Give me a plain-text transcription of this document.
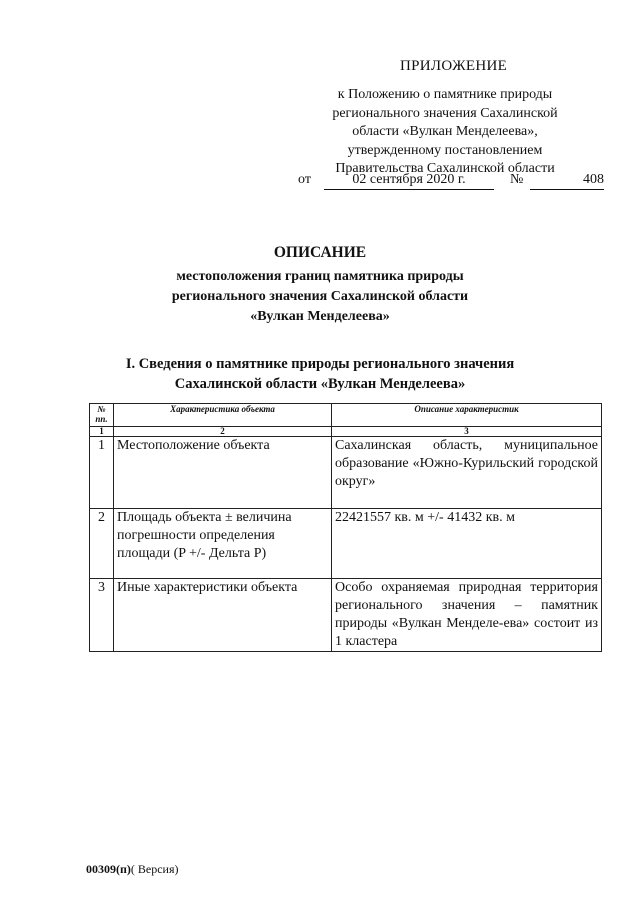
ПРИЛОЖЕНИЕ
к Положению о памятнике природы
регионального значения Сахалинской
области «Вулкан Менделеева»,
утвержденному постановлением
Правительства Сахалинской области
от	02 сентября 2020 г.	№	408
ОПИСАНИЕ
местоположения границ памятника природы
регионального значения Сахалинской области
«Вулкан Менделеева»
I. Сведения о памятнике природы регионального значения
Сахалинской области «Вулкан Менделеева»
№ пп.	Характеристика объекта	Описание характеристик
1	2	3
1	Местоположение объекта	Сахалинская область, муниципальное образование «Южно-Курильский городской округ»
2	Площадь объекта ± величина погрешности определения площади (P +/- Дельта P)	22421557 кв. м +/- 41432 кв. м
3	Иные характеристики объекта	Особо охраняемая природная территория регионального значения – памятник природы «Вулкан Менделе-ева» состоит из 1 кластера
00309(п)( Версия)
